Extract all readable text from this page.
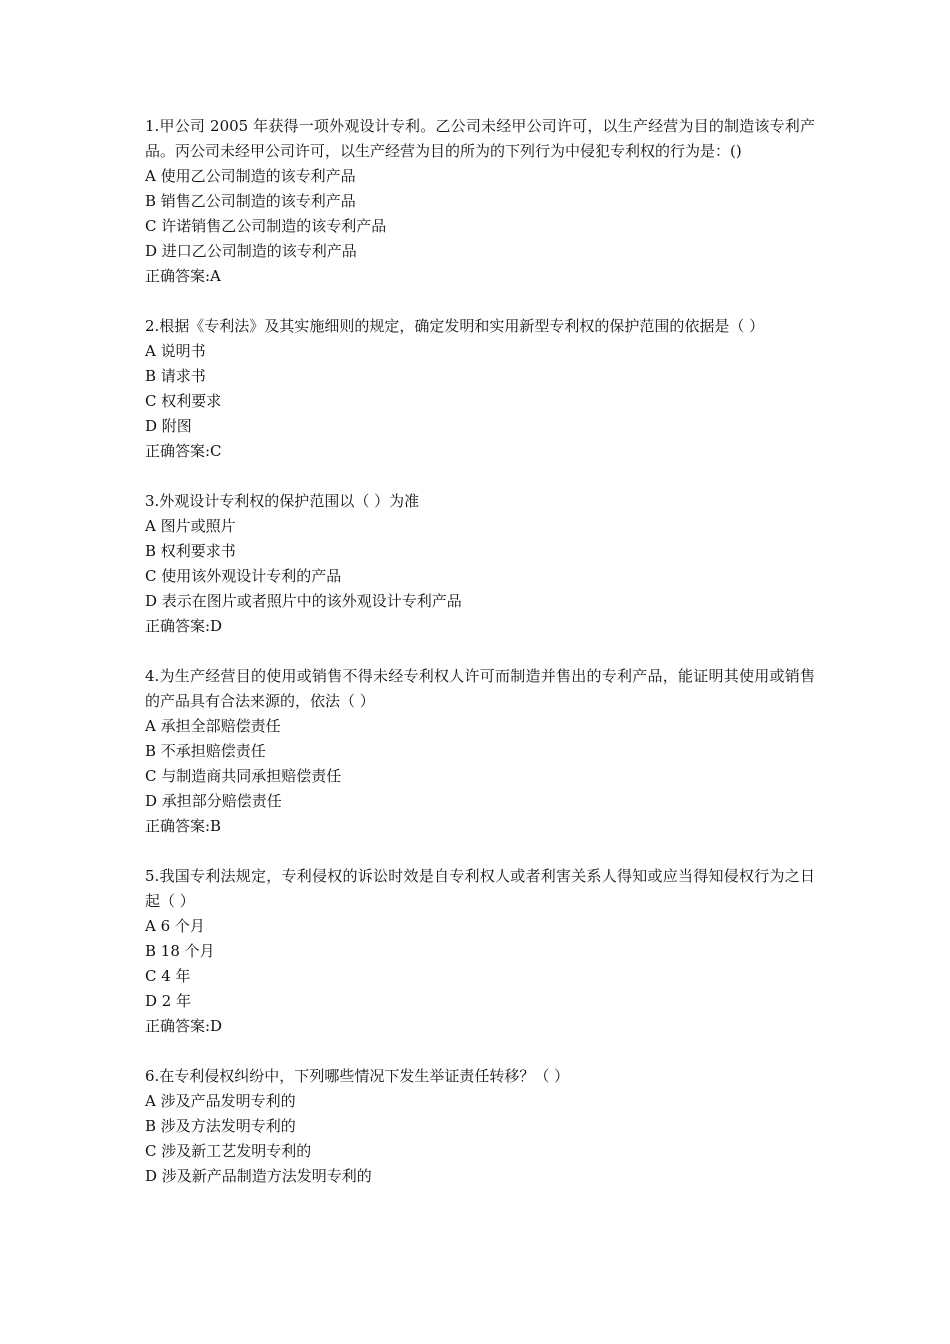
1.甲公司 2005 年获得一项外观设计专利。乙公司未经甲公司许可，以生产经营为目的制造该专利产品。丙公司未经甲公司许可，以生产经营为目的所为的下列行为中侵犯专利权的行为是：()
A 使用乙公司制造的该专利产品
B 销售乙公司制造的该专利产品
C 许诺销售乙公司制造的该专利产品
D 进口乙公司制造的该专利产品
正确答案:A
2.根据《专利法》及其实施细则的规定，确定发明和实用新型专利权的保护范围的依据是（ ）
A 说明书
B 请求书
C 权利要求
D 附图
正确答案:C
3.外观设计专利权的保护范围以（ ）为准
A 图片或照片
B 权利要求书
C 使用该外观设计专利的产品
D 表示在图片或者照片中的该外观设计专利产品
正确答案:D
4.为生产经营目的使用或销售不得未经专利权人许可而制造并售出的专利产品，能证明其使用或销售的产品具有合法来源的，依法（ ）
A 承担全部赔偿责任
B 不承担赔偿责任
C 与制造商共同承担赔偿责任
D 承担部分赔偿责任
正确答案:B
5.我国专利法规定，专利侵权的诉讼时效是自专利权人或者利害关系人得知或应当得知侵权行为之日起（ ）
A 6 个月
B 18 个月
C 4 年
D 2 年
正确答案:D
6.在专利侵权纠纷中，下列哪些情况下发生举证责任转移？（ ）
A 涉及产品发明专利的
B 涉及方法发明专利的
C 涉及新工艺发明专利的
D 涉及新产品制造方法发明专利的
